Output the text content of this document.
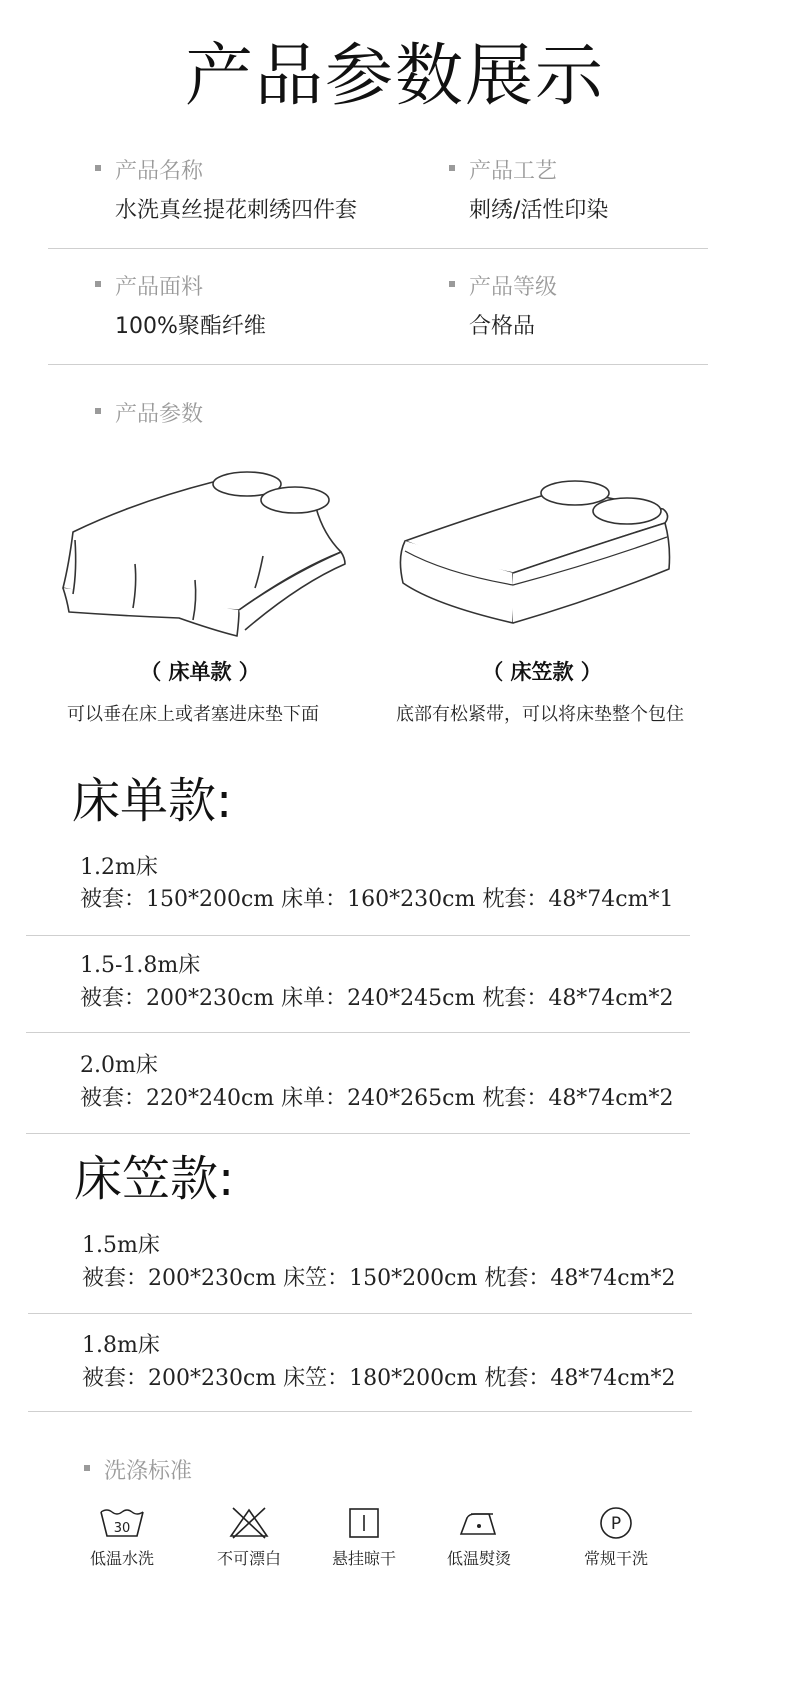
产品参数展示
产品名称
水洗真丝提花刺绣四件套
产品工艺
刺绣/活性印染
产品面料
100%聚酯纤维
产品等级
合格品
产品参数
（ 床单款 ）	（ 床笠款 ）
可以垂在床上或者塞进床垫下面	底部有松紧带，可以将床垫整个包住
床单款:
1.2m床
被套：150*200cm 床单：160*230cm 枕套：48*74cm*1
1.5-1.8m床
被套：200*230cm 床单：240*245cm 枕套：48*74cm*2
2.0m床
被套：220*240cm 床单：240*265cm 枕套：48*74cm*2
床笠款:
1.5m床
被套：200*230cm 床笠：150*200cm 枕套：48*74cm*2
1.8m床
被套：200*230cm 床笠：180*200cm 枕套：48*74cm*2
洗涤标准
30
低温水洗	不可漂白	悬挂晾干	低温熨烫
P
常规干洗
